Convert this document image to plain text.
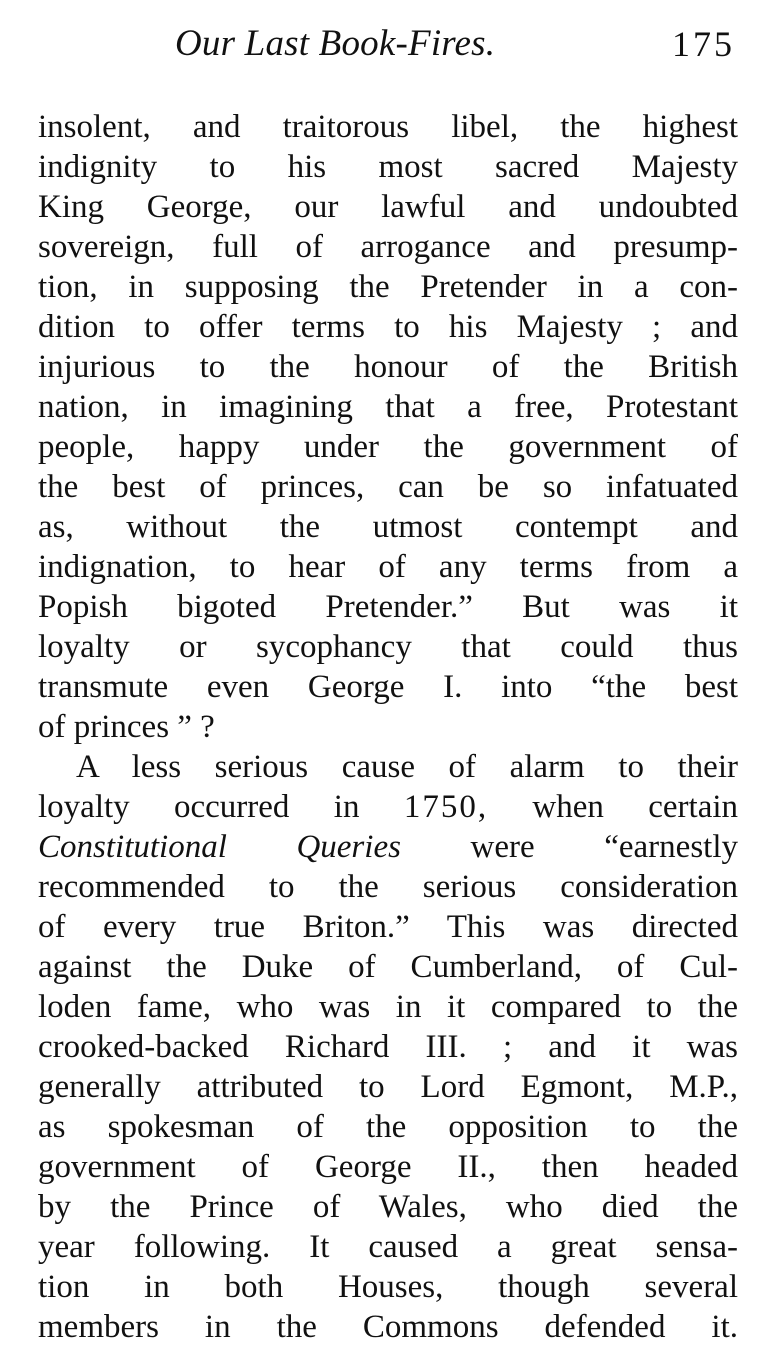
Our Last Book-Fires.	175
insolent, and traitorous libel, the highest
indignity to his most sacred Majesty
King George, our lawful and undoubted
sovereign, full of arrogance and presump-
tion, in supposing the Pretender in a con-
dition to offer terms to his Majesty ; and
injurious to the honour of the British
nation, in imagining that a free, Protestant
people, happy under the government of
the best of princes, can be so infatuated
as, without the utmost contempt and
indignation, to hear of any terms from a
Popish bigoted Pretender.” But was it
loyalty or sycophancy that could thus
transmute even George I. into “the best
of princes ” ?
A less serious cause of alarm to their
loyalty occurred in 1750, when certain
Constitutional Queries were “earnestly
recommended to the serious consideration
of every true Briton.” This was directed
against the Duke of Cumberland, of Cul-
loden fame, who was in it compared to the
crooked-backed Richard III. ; and it was
generally attributed to Lord Egmont, M.P.,
as spokesman of the opposition to the
government of George II., then headed
by the Prince of Wales, who died the
year following. It caused a great sensa-
tion in both Houses, though several
members in the Commons defended it.
